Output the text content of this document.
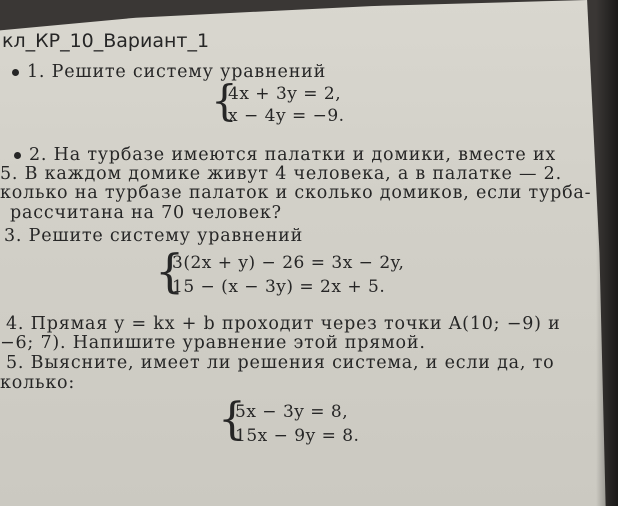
кл_КР_10_Вариант_1
1. Решите систему уравнений
{
4x + 3y = 2,
x − 4y = −9.
2. На турбазе имеются палатки и домики, вместе их
5. В каждом домике живут 4 человека, а в палатке — 2.
колько на турбазе палаток и сколько домиков, если турба-
рассчитана на 70 человек?
3. Решите систему уравнений
{
3(2x + y) − 26 = 3x − 2y,
15 − (x − 3y) = 2x + 5.
4. Прямая y = kx + b проходит через точки A(10; −9) и
−6; 7). Напишите уравнение этой прямой.
5. Выясните, имеет ли решения система, и если да, то
колько:
{
5x − 3y = 8,
15x − 9y = 8.
